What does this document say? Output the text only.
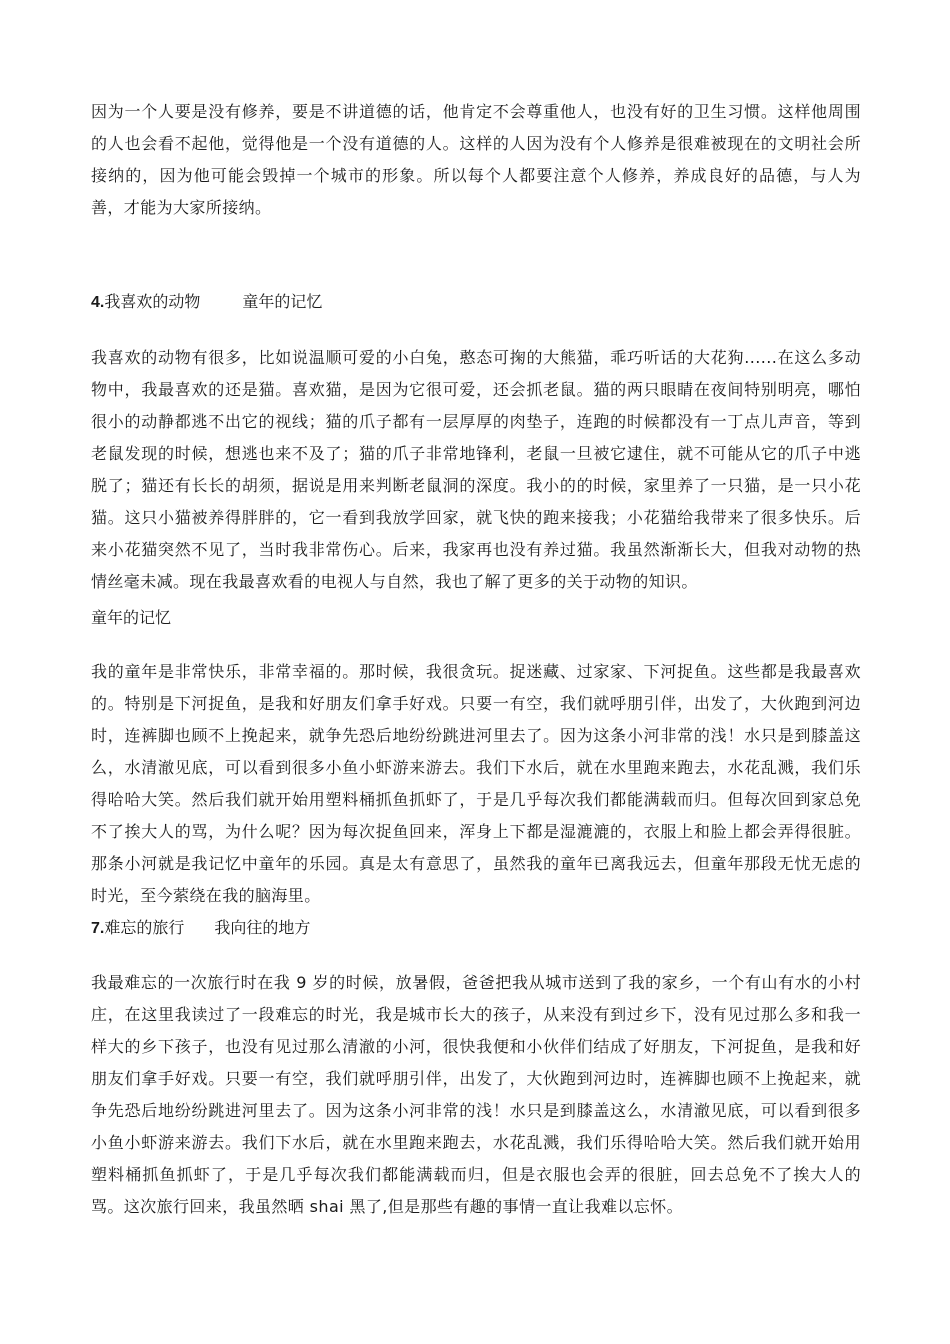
因为一个人要是没有修养，要是不讲道德的话，他肯定不会尊重他人，也没有好的卫生习惯。这样他周围的人也会看不起他，觉得他是一个没有道德的人。这样的人因为没有个人修养是很难被现在的文明社会所接纳的，因为他可能会毁掉一个城市的形象。所以每个人都要注意个人修养，养成良好的品德，与人为善，才能为大家所接纳。

4.我喜欢的动物	童年的记忆

我喜欢的动物有很多，比如说温顺可爱的小白兔，憨态可掬的大熊猫，乖巧听话的大花狗......在这么多动物中，我最喜欢的还是猫。喜欢猫，是因为它很可爱，还会抓老鼠。猫的两只眼睛在夜间特别明亮，哪怕很小的动静都逃不出它的视线；猫的爪子都有一层厚厚的肉垫子，连跑的时候都没有一丁点儿声音，等到老鼠发现的时候，想逃也来不及了；猫的爪子非常地锋利，老鼠一旦被它逮住，就不可能从它的爪子中逃脱了；猫还有长长的胡须，据说是用来判断老鼠洞的深度。我小的的时候，家里养了一只猫，是一只小花猫。这只小猫被养得胖胖的，它一看到我放学回家，就飞快的跑来接我；小花猫给我带来了很多快乐。后来小花猫突然不见了，当时我非常伤心。后来，我家再也没有养过猫。我虽然渐渐长大，但我对动物的热情丝毫未减。现在我最喜欢看的电视人与自然，我也了解了更多的关于动物的知识。

童年的记忆

我的童年是非常快乐，非常幸福的。那时候，我很贪玩。捉迷藏、过家家、下河捉鱼。这些都是我最喜欢的。特别是下河捉鱼，是我和好朋友们拿手好戏。只要一有空，我们就呼朋引伴，出发了，大伙跑到河边时，连裤脚也顾不上挽起来，就争先恐后地纷纷跳进河里去了。因为这条小河非常的浅！水只是到膝盖这么，水清澈见底，可以看到很多小鱼小虾游来游去。我们下水后，就在水里跑来跑去，水花乱溅，我们乐得哈哈大笑。然后我们就开始用塑料桶抓鱼抓虾了，于是几乎每次我们都能满载而归。但每次回到家总免不了挨大人的骂，为什么呢？因为每次捉鱼回来，浑身上下都是湿漉漉的，衣服上和脸上都会弄得很脏。那条小河就是我记忆中童年的乐园。真是太有意思了，虽然我的童年已离我远去，但童年那段无忧无虑的时光，至今萦绕在我的脑海里。

7.难忘的旅行 我向往的地方

我最难忘的一次旅行时在我 9 岁的时候，放暑假，爸爸把我从城市送到了我的家乡，一个有山有水的小村庄，在这里我读过了一段难忘的时光，我是城市长大的孩子，从来没有到过乡下，没有见过那么多和我一样大的乡下孩子，也没有见过那么清澈的小河，很快我便和小伙伴们结成了好朋友，下河捉鱼，是我和好朋友们拿手好戏。只要一有空，我们就呼朋引伴，出发了，大伙跑到河边时，连裤脚也顾不上挽起来，就争先恐后地纷纷跳进河里去了。因为这条小河非常的浅！水只是到膝盖这么，水清澈见底，可以看到很多小鱼小虾游来游去。我们下水后，就在水里跑来跑去，水花乱溅，我们乐得哈哈大笑。然后我们就开始用塑料桶抓鱼抓虾了，于是几乎每次我们都能满载而归，但是衣服也会弄的很脏，回去总免不了挨大人的骂。这次旅行回来，我虽然晒 shai 黑了,但是那些有趣的事情一直让我难以忘怀。
